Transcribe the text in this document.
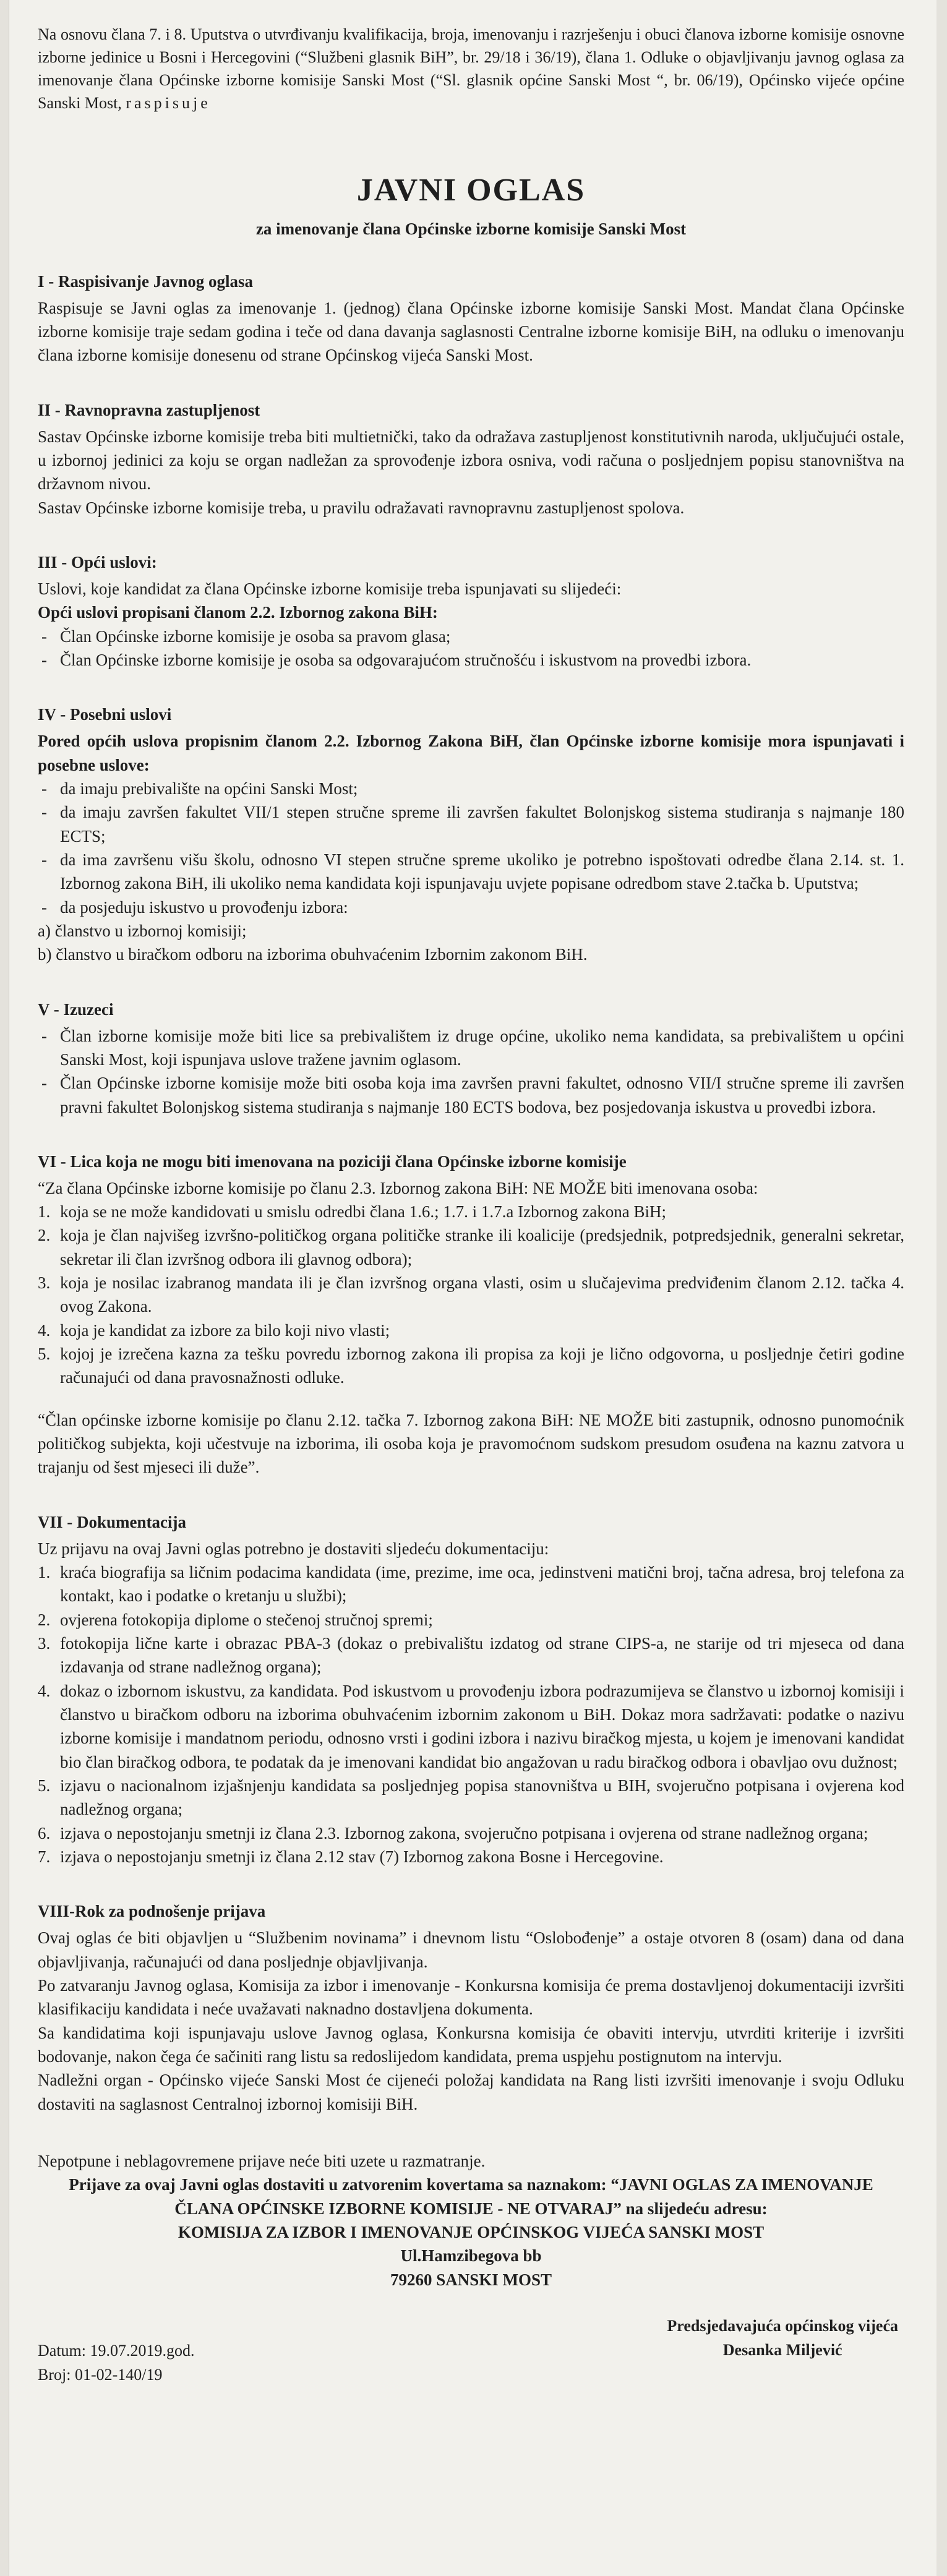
Na osnovu člana 7. i 8. Uputstva o utvrđivanju kvalifikacija, broja, imenovanju i razrješenju i obuci članova izborne komisije osnovne izborne jedinice u Bosni i Hercegovini (“Službeni glasnik BiH”, br. 29/18 i 36/19), člana 1. Odluke o objavljivanju javnog oglasa za imenovanje člana Općinske izborne komisije Sanski Most (“Sl. glasnik općine Sanski Most “, br. 06/19), Općinsko vijeće općine Sanski Most, raspisuje

JAVNI OGLAS

za imenovanje člana Općinske izborne komisije Sanski Most

I - Raspisivanje Javnog oglasa

Raspisuje se Javni oglas za imenovanje 1. (jednog) člana Općinske izborne komisije Sanski Most. Mandat člana Općinske izborne komisije traje sedam godina i teče od dana davanja saglasnosti Centralne izborne komisije BiH, na odluku o imenovanju člana izborne komisije donesenu od strane Općinskog vijeća Sanski Most.

II - Ravnopravna zastupljenost

Sastav Općinske izborne komisije treba biti multietnički, tako da odražava zastupljenost konstitutivnih naroda, uključujući ostale, u izbornoj jedinici za koju se organ nadležan za sprovođenje izbora osniva, vodi računa o posljednjem popisu stanovništva na državnom nivou.

Sastav Općinske izborne komisije treba, u pravilu odražavati ravnopravnu zastupljenost spolova.

III - Opći uslovi:

Uslovi, koje kandidat za člana Općinske izborne komisije treba ispunjavati su slijedeći:

Opći uslovi propisani članom 2.2. Izbornog zakona BiH:

- Član Općinske izborne komisije je osoba sa pravom glasa;

- Član Općinske izborne komisije je osoba sa odgovarajućom stručnošću i iskustvom na provedbi izbora.

IV - Posebni uslovi

Pored općih uslova propisnim članom 2.2. Izbornog Zakona BiH, član Općinske izborne komisije mora ispunjavati i posebne uslove:

- da imaju prebivalište na općini Sanski Most;

- da imaju završen fakultet VII/1 stepen stručne spreme ili završen fakultet Bolonjskog sistema studiranja s najmanje 180 ECTS;

- da ima završenu višu školu, odnosno VI stepen stručne spreme ukoliko je potrebno ispoštovati odredbe člana 2.14. st. 1. Izbornog zakona BiH, ili ukoliko nema kandidata koji ispunjavaju uvjete popisane odredbom stave 2.tačka b. Uputstva;

- da posjeduju iskustvo u provođenju izbora:

a) članstvo u izbornoj komisiji;

b) članstvo u biračkom odboru na izborima obuhvaćenim Izbornim zakonom BiH.

V - Izuzeci

- Član izborne komisije može biti lice sa prebivalištem iz druge općine, ukoliko nema kandidata, sa prebivalištem u općini Sanski Most, koji ispunjava uslove tražene javnim oglasom.

- Član Općinske izborne komisije može biti osoba koja ima završen pravni fakultet, odnosno VII/I stručne spreme ili završen pravni fakultet Bolonjskog sistema studiranja s najmanje 180 ECTS bodova, bez posjedovanja iskustva u provedbi izbora.

VI - Lica koja ne mogu biti imenovana na poziciji člana Općinske izborne komisije

“Za člana Općinske izborne komisije po članu 2.3. Izbornog zakona BiH: NE MOŽE biti imenovana osoba:

1. koja se ne može kandidovati u smislu odredbi člana 1.6.; 1.7. i 1.7.a Izbornog zakona BiH;

2. koja je član najvišeg izvršno-političkog organa političke stranke ili koalicije (predsjednik, potpredsjednik, generalni sekretar, sekretar ili član izvršnog odbora ili glavnog odbora);

3. koja je nosilac izabranog mandata ili je član izvršnog organa vlasti, osim u slučajevima predviđenim članom 2.12. tačka 4. ovog Zakona.

4. koja je kandidat za izbore za bilo koji nivo vlasti;

5. kojoj je izrečena kazna za tešku povredu izbornog zakona ili propisa za koji je lično odgovorna, u posljednje četiri godine računajući od dana pravosnažnosti odluke.

“Član općinske izborne komisije po članu 2.12. tačka 7. Izbornog zakona BiH: NE MOŽE biti zastupnik, odnosno punomoćnik političkog subjekta, koji učestvuje na izborima, ili osoba koja je pravomoćnom sudskom presudom osuđena na kaznu zatvora u trajanju od šest mjeseci ili duže”.

VII - Dokumentacija

Uz prijavu na ovaj Javni oglas potrebno je dostaviti sljedeću dokumentaciju:

1. kraća biografija sa ličnim podacima kandidata (ime, prezime, ime oca, jedinstveni matični broj, tačna adresa, broj telefona za kontakt, kao i podatke o kretanju u službi);

2. ovjerena fotokopija diplome o stečenoj stručnoj spremi;

3. fotokopija lične karte i obrazac PBA-3 (dokaz o prebivalištu izdatog od strane CIPS-a, ne starije od tri mjeseca od dana izdavanja od strane nadležnog organa);

4. dokaz o izbornom iskustvu, za kandidata. Pod iskustvom u provođenju izbora podrazumijeva se članstvo u izbornoj komisiji i članstvo u biračkom odboru na izborima obuhvaćenim izbornim zakonom u BiH. Dokaz mora sadržavati: podatke o nazivu izborne komisije i mandatnom periodu, odnosno vrsti i godini izbora i nazivu biračkog mjesta, u kojem je imenovani kandidat bio član biračkog odbora, te podatak da je imenovani kandidat bio angažovan u radu biračkog odbora i obavljao ovu dužnost;

5. izjavu o nacionalnom izjašnjenju kandidata sa posljednjeg popisa stanovništva u BIH, svojeručno potpisana i ovjerena kod nadležnog organa;

6. izjava o nepostojanju smetnji iz člana 2.3. Izbornog zakona, svojeručno potpisana i ovjerena od strane nadležnog organa;

7. izjava o nepostojanju smetnji iz člana 2.12 stav (7) Izbornog zakona Bosne i Hercegovine.

VIII-Rok za podnošenje prijava

Ovaj oglas će biti objavljen u “Službenim novinama” i dnevnom listu “Oslobođenje” a ostaje otvoren 8 (osam) dana od dana objavljivanja, računajući od dana posljednje objavljivanja.

Po zatvaranju Javnog oglasa, Komisija za izbor i imenovanje - Konkursna komisija će prema dostavljenoj dokumentaciji izvršiti klasifikaciju kandidata i neće uvažavati naknadno dostavljena dokumenta.

Sa kandidatima koji ispunjavaju uslove Javnog oglasa, Konkursna komisija će obaviti intervju, utvrditi kriterije i izvršiti bodovanje, nakon čega će sačiniti rang listu sa redoslijedom kandidata, prema uspjehu postignutom na intervju.

Nadležni organ - Općinsko vijeće Sanski Most će cijeneći položaj kandidata na Rang listi izvršiti imenovanje i svoju Odluku dostaviti na saglasnost Centralnoj izbornoj komisiji BiH.

Nepotpune i neblagovremene prijave neće biti uzete u razmatranje.

Prijave za ovaj Javni oglas dostaviti u zatvorenim kovertama sa naznakom: “JAVNI OGLAS ZA IMENOVANJE ČLANA OPĆINSKE IZBORNE KOMISIJE - NE OTVARAJ” na slijedeću adresu:

KOMISIJA ZA IZBOR I IMENOVANJE OPĆINSKOG VIJEĆA SANSKI MOST

Ul.Hamzibegova bb

79260 SANSKI MOST

Datum: 19.07.2019.god.
Broj: 01-02-140/19
Predsjedavajuća općinskog vijeća
Desanka Miljević
